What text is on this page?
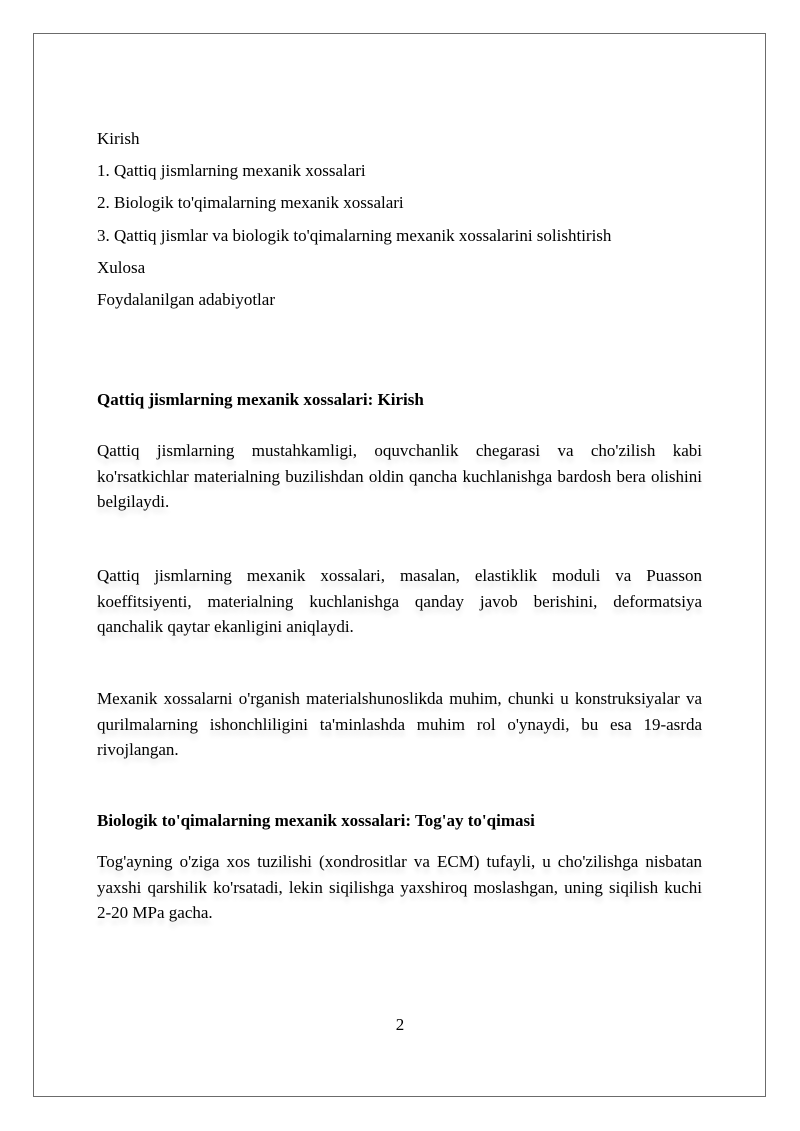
Kirish
1. Qattiq jismlarning mexanik xossalari
2. Biologik to'qimalarning mexanik xossalari
3. Qattiq jismlar va biologik to'qimalarning mexanik xossalarini solishtirish
Xulosa
Foydalanilgan adabiyotlar
Qattiq jismlarning mexanik xossalari: Kirish
Qattiq jismlarning mustahkamligi, oquvchanlik chegarasi va cho'zilish kabi ko'rsatkichlar materialning buzilishdan oldin qancha kuchlanishga bardosh bera olishini belgilaydi.
Qattiq jismlarning mexanik xossalari, masalan, elastiklik moduli va Puasson koeffitsiyenti, materialning kuchlanishga qanday javob berishini, deformatsiya qanchalik qaytar ekanligini aniqlaydi.
Mexanik xossalarni o'rganish materialshunoslikda muhim, chunki u konstruksiyalar va qurilmalarning ishonchliligini ta'minlashda muhim rol o'ynaydi, bu esa 19-asrda rivojlangan.
Biologik to'qimalarning mexanik xossalari: Tog'ay to'qimasi
Tog'ayning o'ziga xos tuzilishi (xondrositlar va ECM) tufayli, u cho'zilishga nisbatan yaxshi qarshilik ko'rsatadi, lekin siqilishga yaxshiroq moslashgan, uning siqilish kuchi 2-20 MPa gacha.
2
